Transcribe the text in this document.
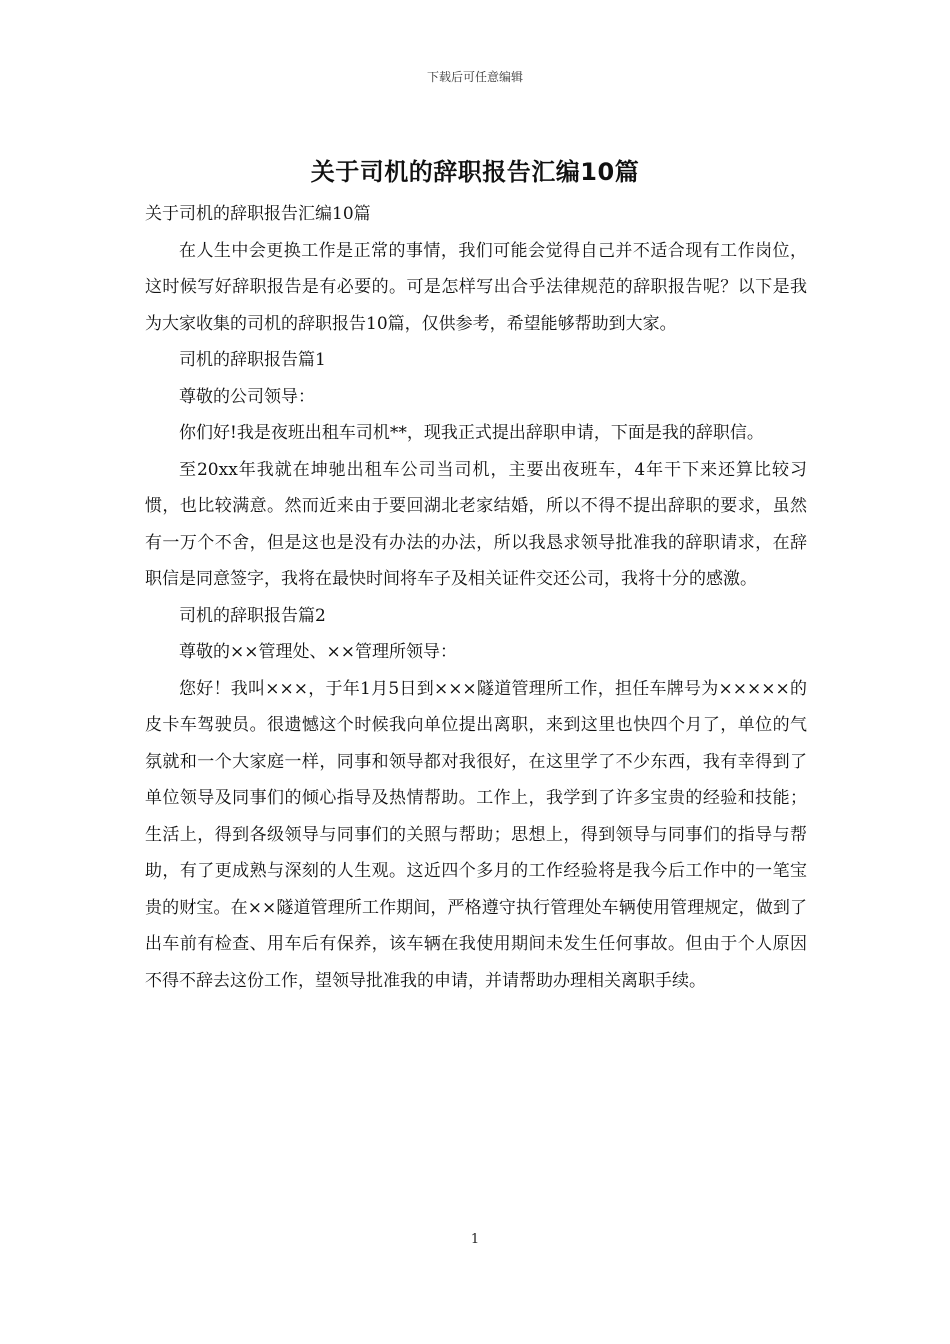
下载后可任意编辑
关于司机的辞职报告汇编10篇

关于司机的辞职报告汇编10篇

在人生中会更换工作是正常的事情，我们可能会觉得自己并不适合现有工作岗位，这时候写好辞职报告是有必要的。可是怎样写出合乎法律规范的辞职报告呢？以下是我为大家收集的司机的辞职报告10篇，仅供参考，希望能够帮助到大家。

司机的辞职报告篇1

尊敬的公司领导：

你们好!我是夜班出租车司机**，现我正式提出辞职申请，下面是我的辞职信。

至20xx年我就在坤驰出租车公司当司机，主要出夜班车，4年干下来还算比较习惯，也比较满意。然而近来由于要回湖北老家结婚，所以不得不提出辞职的要求，虽然有一万个不舍，但是这也是没有办法的办法，所以我恳求领导批准我的辞职请求，在辞职信是同意签字，我将在最快时间将车子及相关证件交还公司，我将十分的感激。

司机的辞职报告篇2

尊敬的××管理处、××管理所领导：

您好！我叫×××，于年1月5日到×××隧道管理所工作，担任车牌号为×××××的皮卡车驾驶员。很遗憾这个时候我向单位提出离职，来到这里也快四个月了，单位的气氛就和一个大家庭一样，同事和领导都对我很好，在这里学了不少东西，我有幸得到了单位领导及同事们的倾心指导及热情帮助。工作上，我学到了许多宝贵的经验和技能；生活上，得到各级领导与同事们的关照与帮助；思想上，得到领导与同事们的指导与帮助，有了更成熟与深刻的人生观。这近四个多月的工作经验将是我今后工作中的一笔宝贵的财宝。在××隧道管理所工作期间，严格遵守执行管理处车辆使用管理规定，做到了出车前有检查、用车后有保养，该车辆在我使用期间未发生任何事故。但由于个人原因不得不辞去这份工作，望领导批准我的申请，并请帮助办理相关离职手续。

1
